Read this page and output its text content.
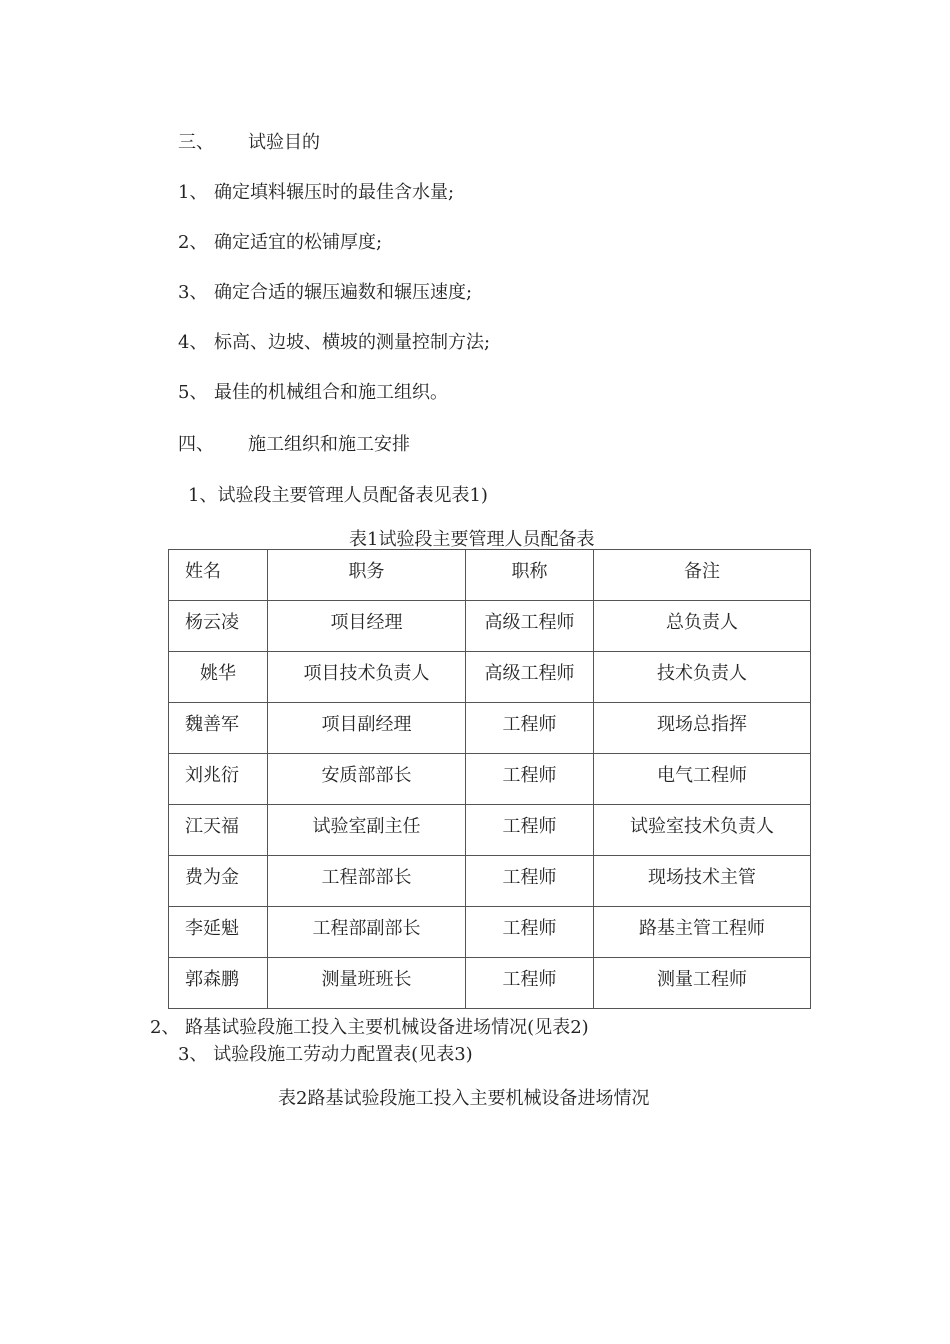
三、 试验目的
1、 确定填料辗压时的最佳含水量;
2、 确定适宜的松铺厚度;
3、 确定合适的辗压遍数和辗压速度;
4、 标高、边坡、横坡的测量控制方法;
5、 最佳的机械组合和施工组织。
四、 施工组织和施工安排
1、试验段主要管理人员配备表见表1)
表1试验段主要管理人员配备表
姓名	职务	职称	备注

杨云凌	项目经理	高级工程师	总负责人

姚华	项目技术负责人	高级工程师	技术负责人

魏善军	项目副经理	工程师	现场总指挥

刘兆衍	安质部部长	工程师	电气工程师

江天福	试验室副主任	工程师	试验室技术负责人

费为金	工程部部长	工程师	现场技术主管

李延魁	工程部副部长	工程师	路基主管工程师

郭森鹏	测量班班长	工程师	测量工程师
2、 路基试验段施工投入主要机械设备进场情况(见表2)
3、 试验段施工劳动力配置表(见表3)
表2路基试验段施工投入主要机械设备进场情况
